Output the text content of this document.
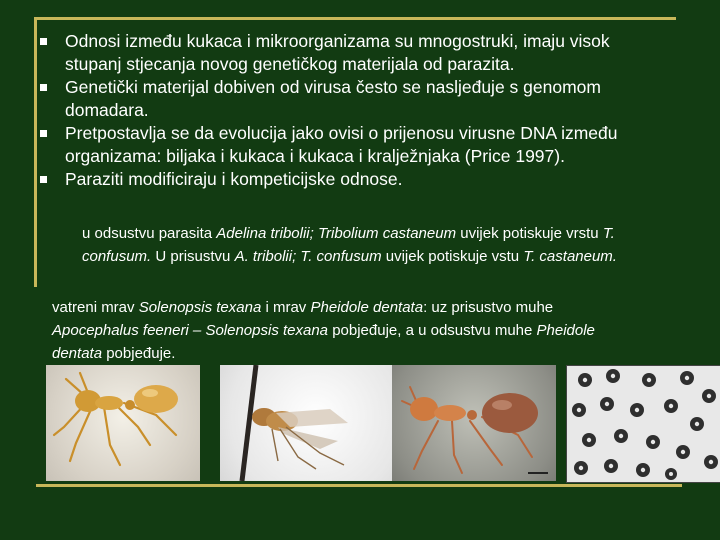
Odnosi između kukaca i mikroorganizama su mnogostruki, imaju visok stupanj stjecanja novog genetičkog materijala od parazita.
Genetički materijal dobiven od virusa često se nasljeđuje s genomom domadara.
Pretpostavlja se da evolucija jako ovisi o prijenosu virusne DNA između organizama: biljaka i kukaca i kukaca i kralježnjaka (Price 1997).
Paraziti modificiraju i kompeticijske odnose.
u odsustvu parasita Adelina tribolii; Tribolium castaneum uvijek potiskuje vrstu T. confusum. U prisustvu A. tribolii; T. confusum uvijek potiskuje vstu T. castaneum.
vatreni mrav Solenopsis texana i mrav Pheidole dentata: uz prisustvo muhe Apocephalus feeneri – Solenopsis texana pobjeđuje, a u odsustvu muhe Pheidole dentata pobjeđuje.
